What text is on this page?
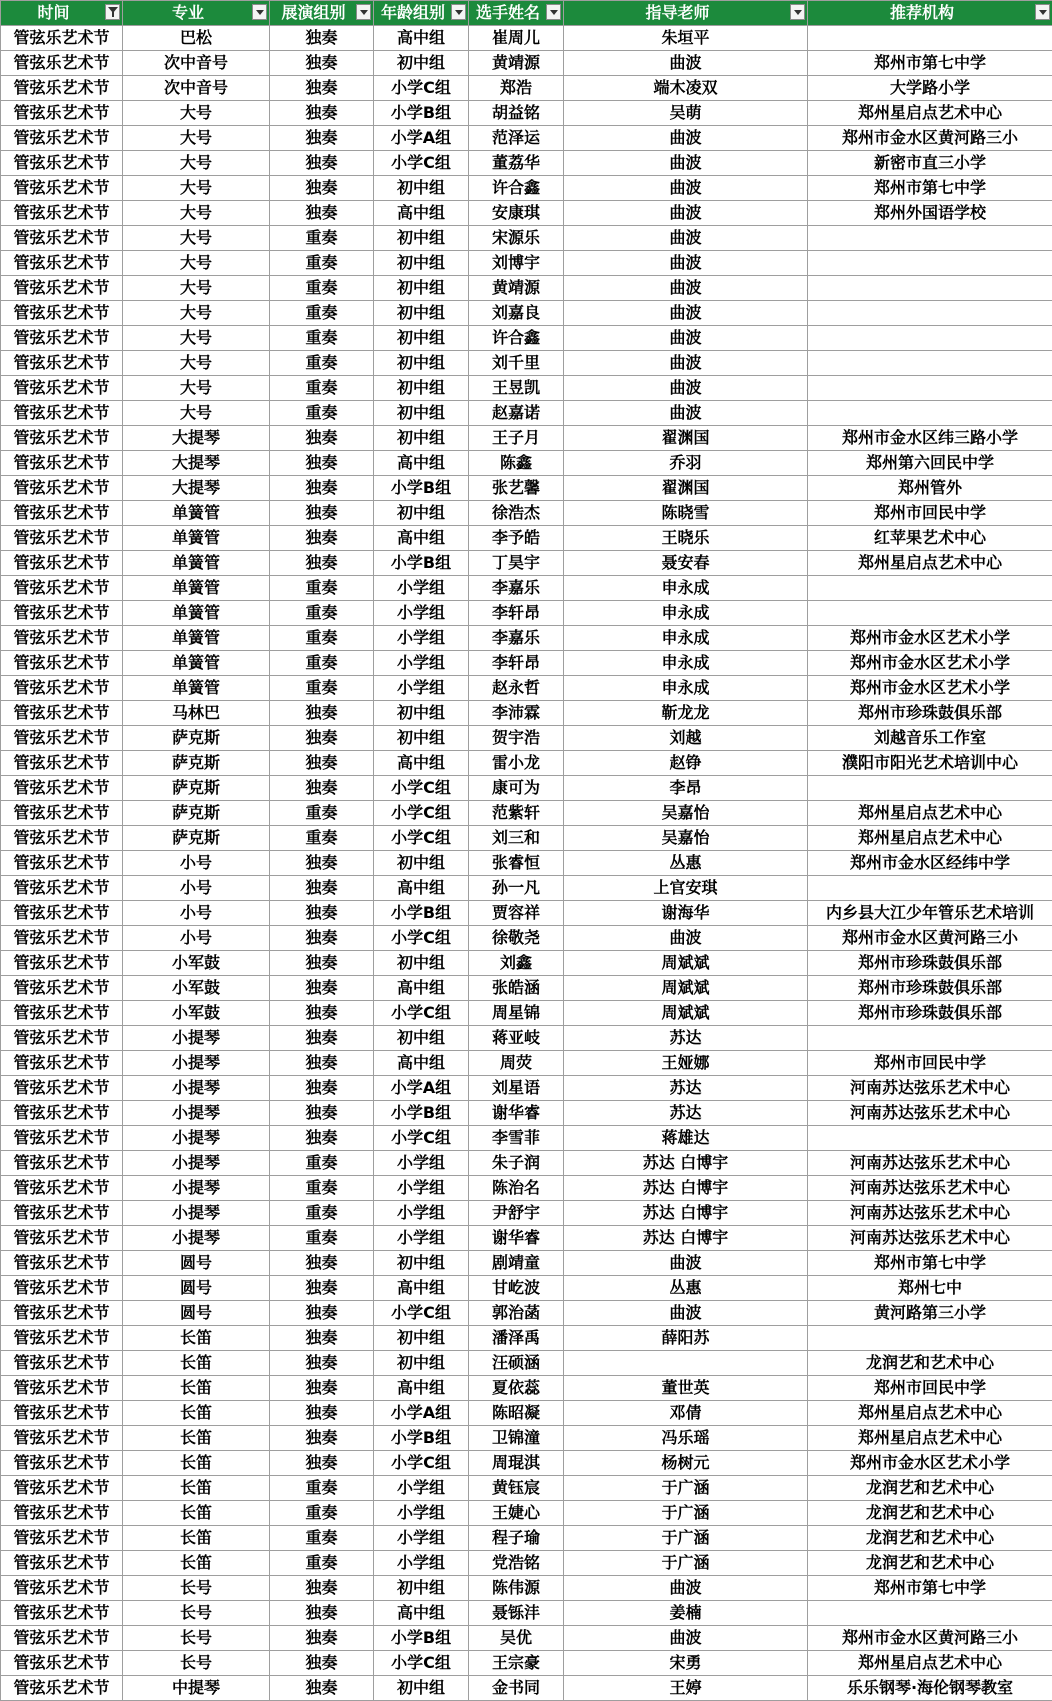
时间	专业	展演组别	年龄组别	选手姓名	指导老师	推荐机构

管弦乐艺术节	巴松	独奏	高中组	崔周儿	朱垣平	
管弦乐艺术节	次中音号	独奏	初中组	黄靖源	曲波	郑州市第七中学
管弦乐艺术节	次中音号	独奏	小学C组	郑浩	端木凌双	大学路小学
管弦乐艺术节	大号	独奏	小学B组	胡益铭	吴萌	郑州星启点艺术中心
管弦乐艺术节	大号	独奏	小学A组	范泽运	曲波	郑州市金水区黄河路三小
管弦乐艺术节	大号	独奏	小学C组	董荔华	曲波	新密市直三小学
管弦乐艺术节	大号	独奏	初中组	许合鑫	曲波	郑州市第七中学
管弦乐艺术节	大号	独奏	高中组	安康琪	曲波	郑州外国语学校
管弦乐艺术节	大号	重奏	初中组	宋源乐	曲波	
管弦乐艺术节	大号	重奏	初中组	刘博宇	曲波	
管弦乐艺术节	大号	重奏	初中组	黄靖源	曲波	
管弦乐艺术节	大号	重奏	初中组	刘嘉良	曲波	
管弦乐艺术节	大号	重奏	初中组	许合鑫	曲波	
管弦乐艺术节	大号	重奏	初中组	刘千里	曲波	
管弦乐艺术节	大号	重奏	初中组	王昱凯	曲波	
管弦乐艺术节	大号	重奏	初中组	赵嘉诺	曲波	
管弦乐艺术节	大提琴	独奏	初中组	王子月	翟渊国	郑州市金水区纬三路小学
管弦乐艺术节	大提琴	独奏	高中组	陈鑫	乔羽	郑州第六回民中学
管弦乐艺术节	大提琴	独奏	小学B组	张艺馨	翟渊国	郑州管外
管弦乐艺术节	单簧管	独奏	初中组	徐浩杰	陈晓雪	郑州市回民中学
管弦乐艺术节	单簧管	独奏	高中组	李予皓	王晓乐	红苹果艺术中心
管弦乐艺术节	单簧管	独奏	小学B组	丁昊宇	聂安春	郑州星启点艺术中心
管弦乐艺术节	单簧管	重奏	小学组	李嘉乐	申永成	
管弦乐艺术节	单簧管	重奏	小学组	李轩昂	申永成	
管弦乐艺术节	单簧管	重奏	小学组	李嘉乐	申永成	郑州市金水区艺术小学
管弦乐艺术节	单簧管	重奏	小学组	李轩昂	申永成	郑州市金水区艺术小学
管弦乐艺术节	单簧管	重奏	小学组	赵永哲	申永成	郑州市金水区艺术小学
管弦乐艺术节	马林巴	独奏	初中组	李沛霖	靳龙龙	郑州市珍珠鼓俱乐部
管弦乐艺术节	萨克斯	独奏	初中组	贺宇浩	刘越	刘越音乐工作室
管弦乐艺术节	萨克斯	独奏	高中组	雷小龙	赵铮	濮阳市阳光艺术培训中心
管弦乐艺术节	萨克斯	独奏	小学C组	康可为	李昂	
管弦乐艺术节	萨克斯	重奏	小学C组	范紫轩	吴嘉怡	郑州星启点艺术中心
管弦乐艺术节	萨克斯	重奏	小学C组	刘三和	吴嘉怡	郑州星启点艺术中心
管弦乐艺术节	小号	独奏	初中组	张睿恒	丛惠	郑州市金水区经纬中学
管弦乐艺术节	小号	独奏	高中组	孙一凡	上官安琪	
管弦乐艺术节	小号	独奏	小学B组	贾容祥	谢海华	内乡县大江少年管乐艺术培训
管弦乐艺术节	小号	独奏	小学C组	徐敬尧	曲波	郑州市金水区黄河路三小
管弦乐艺术节	小军鼓	独奏	初中组	刘鑫	周斌斌	郑州市珍珠鼓俱乐部
管弦乐艺术节	小军鼓	独奏	高中组	张皓涵	周斌斌	郑州市珍珠鼓俱乐部
管弦乐艺术节	小军鼓	独奏	小学C组	周星锦	周斌斌	郑州市珍珠鼓俱乐部
管弦乐艺术节	小提琴	独奏	初中组	蒋亚岐	苏达	
管弦乐艺术节	小提琴	独奏	高中组	周荧	王娅娜	郑州市回民中学
管弦乐艺术节	小提琴	独奏	小学A组	刘星语	苏达	河南苏达弦乐艺术中心
管弦乐艺术节	小提琴	独奏	小学B组	谢华睿	苏达	河南苏达弦乐艺术中心
管弦乐艺术节	小提琴	独奏	小学C组	李雪菲	蒋雄达	
管弦乐艺术节	小提琴	重奏	小学组	朱子润	苏达 白博宇	河南苏达弦乐艺术中心
管弦乐艺术节	小提琴	重奏	小学组	陈治名	苏达 白博宇	河南苏达弦乐艺术中心
管弦乐艺术节	小提琴	重奏	小学组	尹舒宇	苏达 白博宇	河南苏达弦乐艺术中心
管弦乐艺术节	小提琴	重奏	小学组	谢华睿	苏达 白博宇	河南苏达弦乐艺术中心
管弦乐艺术节	圆号	独奏	初中组	剧靖童	曲波	郑州市第七中学
管弦乐艺术节	圆号	独奏	高中组	甘屹波	丛惠	郑州七中
管弦乐艺术节	圆号	独奏	小学C组	郭治菡	曲波	黄河路第三小学
管弦乐艺术节	长笛	独奏	初中组	潘泽禹	薛阳苏	
管弦乐艺术节	长笛	独奏	初中组	汪硕涵		龙润艺和艺术中心
管弦乐艺术节	长笛	独奏	高中组	夏依蕊	董世英	郑州市回民中学
管弦乐艺术节	长笛	独奏	小学A组	陈昭凝	邓倩	郑州星启点艺术中心
管弦乐艺术节	长笛	独奏	小学B组	卫锦潼	冯乐瑶	郑州星启点艺术中心
管弦乐艺术节	长笛	独奏	小学C组	周琨淇	杨树元	郑州市金水区艺术小学
管弦乐艺术节	长笛	重奏	小学组	黄钰宸	于广涵	龙润艺和艺术中心
管弦乐艺术节	长笛	重奏	小学组	王婕心	于广涵	龙润艺和艺术中心
管弦乐艺术节	长笛	重奏	小学组	程子瑜	于广涵	龙润艺和艺术中心
管弦乐艺术节	长笛	重奏	小学组	党浩铭	于广涵	龙润艺和艺术中心
管弦乐艺术节	长号	独奏	初中组	陈伟源	曲波	郑州市第七中学
管弦乐艺术节	长号	独奏	高中组	聂铄沣	姜楠	
管弦乐艺术节	长号	独奏	小学B组	吴优	曲波	郑州市金水区黄河路三小
管弦乐艺术节	长号	独奏	小学C组	王宗豪	宋勇	郑州星启点艺术中心
管弦乐艺术节	中提琴	独奏	初中组	金书同	王婷	乐乐钢琴·海伦钢琴教室
